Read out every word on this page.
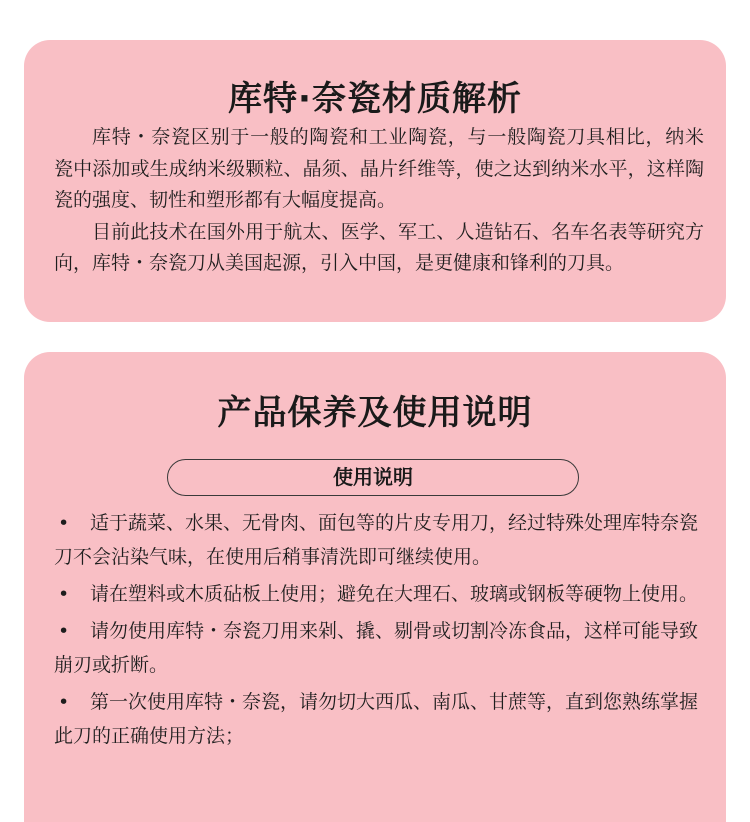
库特·奈瓷材质解析

库特・奈瓷区别于一般的陶瓷和工业陶瓷，与一般陶瓷刀具相比，纳米 瓷中添加或生成纳米级颗粒、晶须、晶片纤维等，使之达到纳米水平，这样陶瓷的强度、韧性和塑形都有大幅度提高。

目前此技术在国外用于航太、医学、军工、人造钻石、名车名表等研究方向，库特・奈瓷刀从美国起源，引入中国，是更健康和锋利的刀具。

产品保养及使用说明
使用说明
• 适于蔬菜、水果、无骨肉、面包等的片皮专用刀，经过特殊处理库特奈瓷刀不会沾染气味，在使用后稍事清洗即可继续使用。
• 请在塑料或木质砧板上使用；避免在大理石、玻璃或钢板等硬物上使用。
• 请勿使用库特・奈瓷刀用来剁、撬、剔骨或切割冷冻食品，这样可能导致崩刃或折断。
• 第一次使用库特・奈瓷，请勿切大西瓜、南瓜、甘蔗等，直到您熟练掌握此刀的正确使用方法；
